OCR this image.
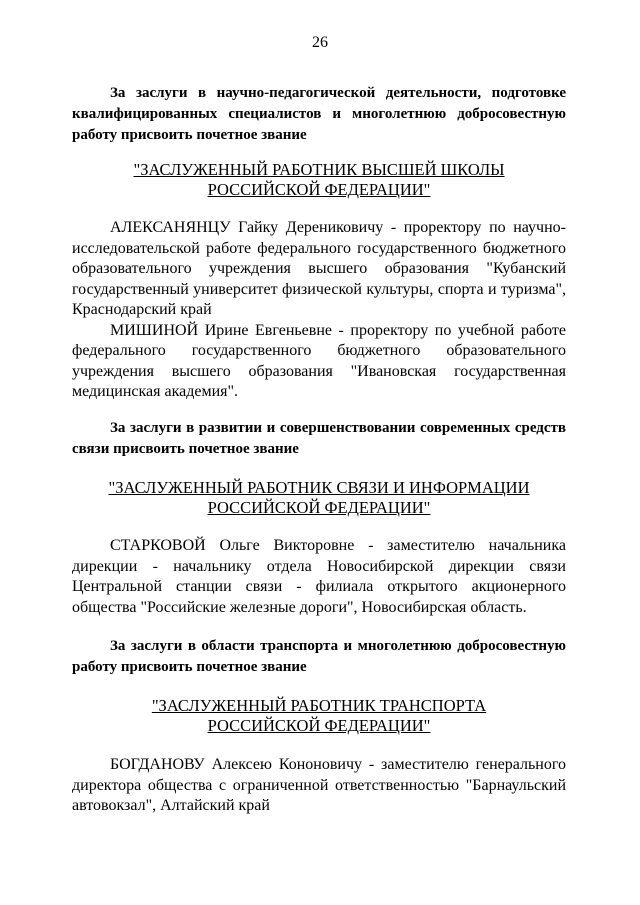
26
За заслуги в научно-педагогической деятельности, подготовке квалифицированных специалистов и многолетнюю добросовестную работу присвоить почетное звание
"ЗАСЛУЖЕННЫЙ РАБОТНИК ВЫСШЕЙ ШКОЛЫ
РОССИЙСКОЙ ФЕДЕРАЦИИ"

АЛЕКСАНЯНЦУ Гайку Дерениковичу - проректору по научно-исследовательской работе федерального государственного бюджетного образовательного учреждения высшего образования "Кубанский государственный университет физической культуры, спорта и туризма", Краснодарский край

МИШИНОЙ Ирине Евгеньевне - проректору по учебной работе федерального государственного бюджетного образовательного учреждения высшего образования "Ивановская государственная медицинская академия".

За заслуги в развитии и совершенствовании современных средств связи присвоить почетное звание
"ЗАСЛУЖЕННЫЙ РАБОТНИК СВЯЗИ И ИНФОРМАЦИИ
РОССИЙСКОЙ ФЕДЕРАЦИИ"

СТАРКОВОЙ Ольге Викторовне - заместителю начальника дирекции - начальнику отдела Новосибирской дирекции связи Центральной станции связи - филиала открытого акционерного общества "Российские железные дороги", Новосибирская область.

За заслуги в области транспорта и многолетнюю добросовестную работу присвоить почетное звание
"ЗАСЛУЖЕННЫЙ РАБОТНИК ТРАНСПОРТА
РОССИЙСКОЙ ФЕДЕРАЦИИ"

БОГДАНОВУ Алексею Кононовичу - заместителю генерального директора общества с ограниченной ответственностью "Барнаульский автовокзал", Алтайский край
